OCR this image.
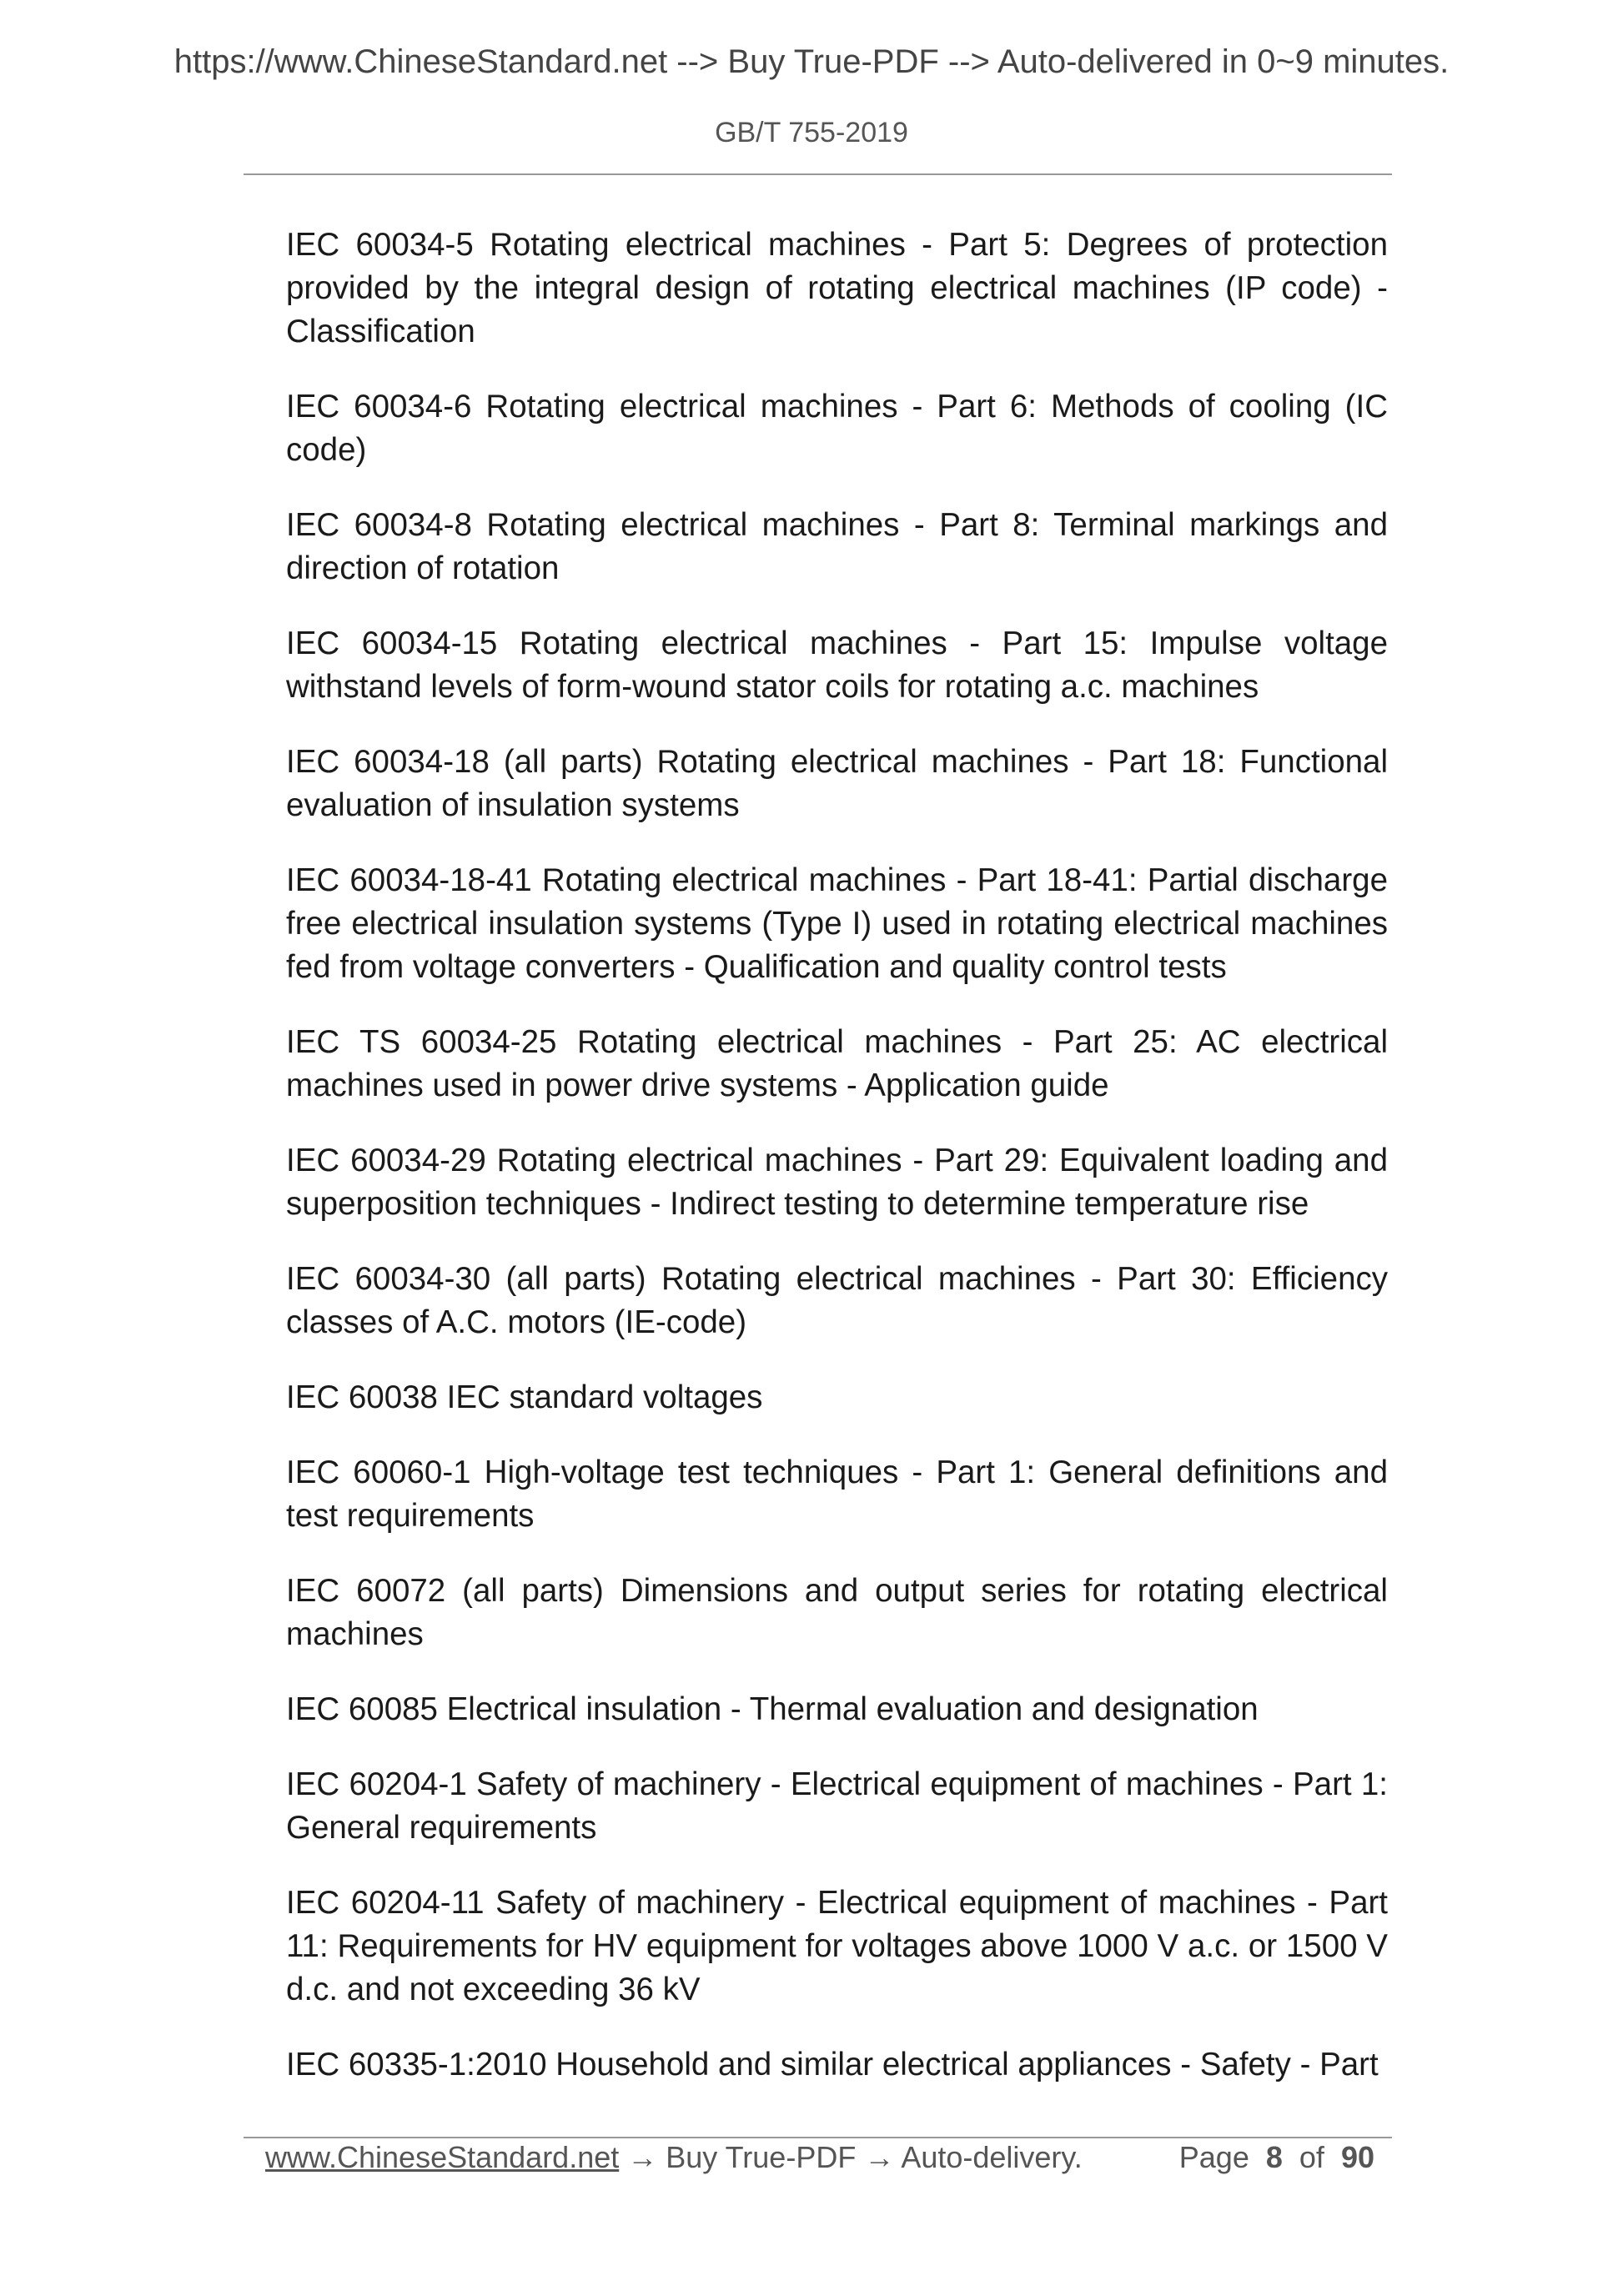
https://www.ChineseStandard.net --> Buy True-PDF --> Auto-delivered in 0~9 minutes.
GB/T 755-2019

IEC 60034-5 Rotating electrical machines - Part 5: Degrees of protection provided by the integral design of rotating electrical machines (IP code) - Classification

IEC 60034-6 Rotating electrical machines - Part 6: Methods of cooling (IC code)

IEC 60034-8 Rotating electrical machines - Part 8: Terminal markings and direction of rotation

IEC 60034-15 Rotating electrical machines - Part 15: Impulse voltage withstand levels of form-wound stator coils for rotating a.c. machines

IEC 60034-18 (all parts) Rotating electrical machines - Part 18: Functional evaluation of insulation systems

IEC 60034-18-41 Rotating electrical machines - Part 18-41: Partial discharge free electrical insulation systems (Type I) used in rotating electrical machines fed from voltage converters - Qualification and quality control tests

IEC TS 60034-25 Rotating electrical machines - Part 25: AC electrical machines used in power drive systems - Application guide

IEC 60034-29 Rotating electrical machines - Part 29: Equivalent loading and superposition techniques - Indirect testing to determine temperature rise

IEC 60034-30 (all parts) Rotating electrical machines - Part 30: Efficiency classes of A.C. motors (IE-code)

IEC 60038 IEC standard voltages

IEC 60060-1 High-voltage test techniques - Part 1: General definitions and test requirements

IEC 60072 (all parts) Dimensions and output series for rotating electrical machines

IEC 60085 Electrical insulation - Thermal evaluation and designation

IEC 60204-1 Safety of machinery - Electrical equipment of machines - Part 1: General requirements

IEC 60204-11 Safety of machinery - Electrical equipment of machines - Part 11: Requirements for HV equipment for voltages above 1000 V a.c. or 1500 V d.c. and not exceeding 36 kV

IEC 60335-1:2010 Household and similar electrical appliances - Safety - Part

www.ChineseStandard.net → Buy True-PDF → Auto-delivery.	Page 8 of 90
